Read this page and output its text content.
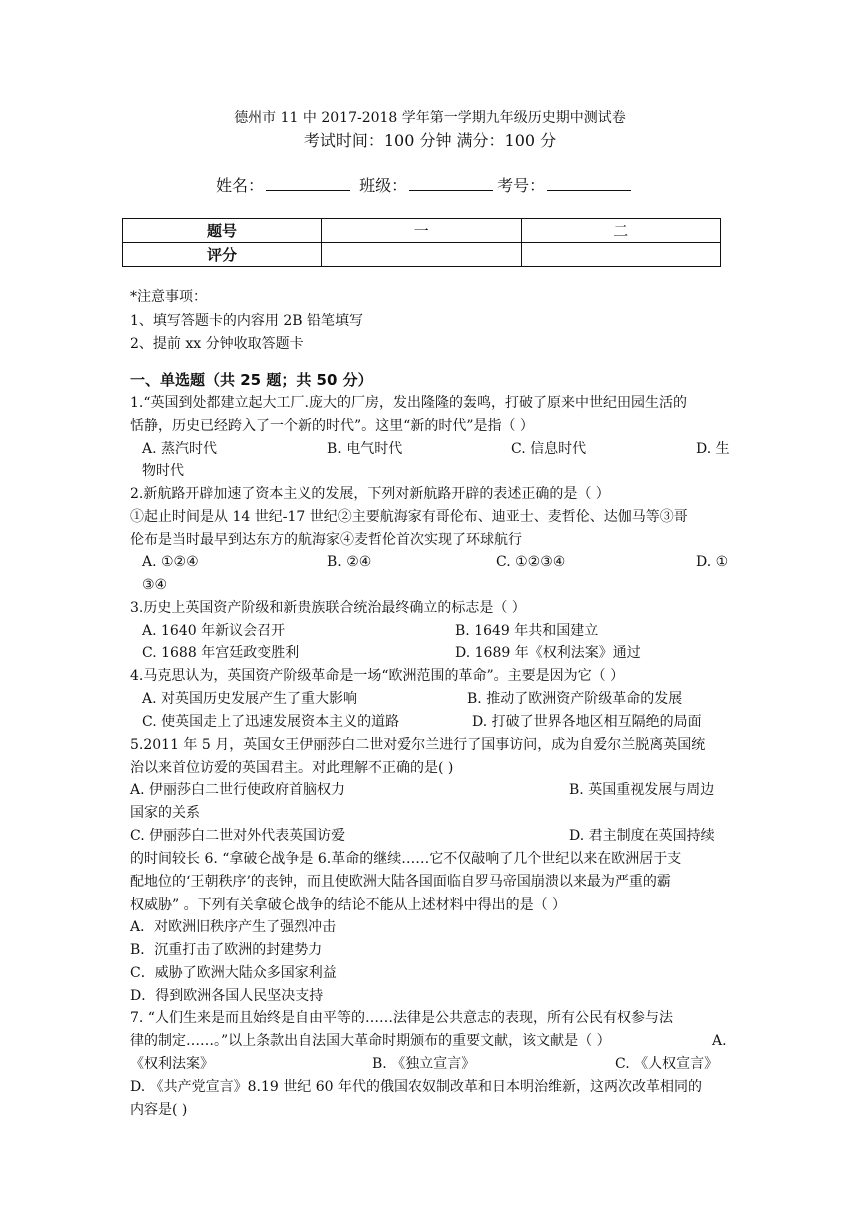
德州市 11 中 2017-2018 学年第一学期九年级历史期中测试卷
考试时间：100 分钟 满分：100 分
姓名：	班级：	考号：
题号	一	二
评分		
*注意事项：
1、填写答题卡的内容用 2B 铅笔填写
2、提前 xx 分钟收取答题卡
一、单选题（共 25 题；共 50 分）
1.“英国到处都建立起大工厂.庞大的厂房，发出隆隆的轰鸣，打破了原来中世纪田园生活的
恬静，历史已经跨入了一个新的时代”。这里“新的时代”是指（ ）
A. 蒸汽时代	B. 电气时代	C. 信息时代	D. 生
物时代
2.新航路开辟加速了资本主义的发展，下列对新航路开辟的表述正确的是（ ）
①起止时间是从 14 世纪-17 世纪②主要航海家有哥伦布、迪亚士、麦哲伦、达伽马等③哥
伦布是当时最早到达东方的航海家④麦哲伦首次实现了环球航行
A. ①②④	B. ②④	C. ①②③④	D. ①
③④
3.历史上英国资产阶级和新贵族联合统治最终确立的标志是（ ）
A. 1640 年新议会召开	B. 1649 年共和国建立
C. 1688 年宫廷政变胜利	D. 1689 年《权利法案》通过
4.马克思认为，英国资产阶级革命是一场“欧洲范围的革命”。主要是因为它（ ）
A. 对英国历史发展产生了重大影响	B. 推动了欧洲资产阶级革命的发展
C. 使英国走上了迅速发展资本主义的道路	D. 打破了世界各地区相互隔绝的局面
5.2011 年 5 月，英国女王伊丽莎白二世对爱尔兰进行了国事访问，成为自爱尔兰脱离英国统
治以来首位访爱的英国君主。对此理解不正确的是( )
A. 伊丽莎白二世行使政府首脑权力	B. 英国重视发展与周边
国家的关系
C. 伊丽莎白二世对外代表英国访爱	D. 君主制度在英国持续
的时间较长 6. “拿破仑战争是 6.革命的继续……它不仅敲响了几个世纪以来在欧洲居于支
配地位的‘王朝秩序’的丧钟，而且使欧洲大陆各国面临自罗马帝国崩溃以来最为严重的霸
权威胁” 。下列有关拿破仑战争的结论不能从上述材料中得出的是（ ）
A．对欧洲旧秩序产生了强烈冲击
B．沉重打击了欧洲的封建势力
C．威胁了欧洲大陆众多国家利益
D．得到欧洲各国人民坚决支持
7. “人们生来是而且始终是自由平等的……法律是公共意志的表现，所有公民有权参与法
律的制定……。”以上条款出自法国大革命时期颁布的重要文献，该文献是（ ）	A.
《权利法案》	B. 《独立宣言》	C. 《人权宣言》
D. 《共产党宣言》8.19 世纪 60 年代的俄国农奴制改革和日本明治维新，这两次改革相同的
内容是( )
